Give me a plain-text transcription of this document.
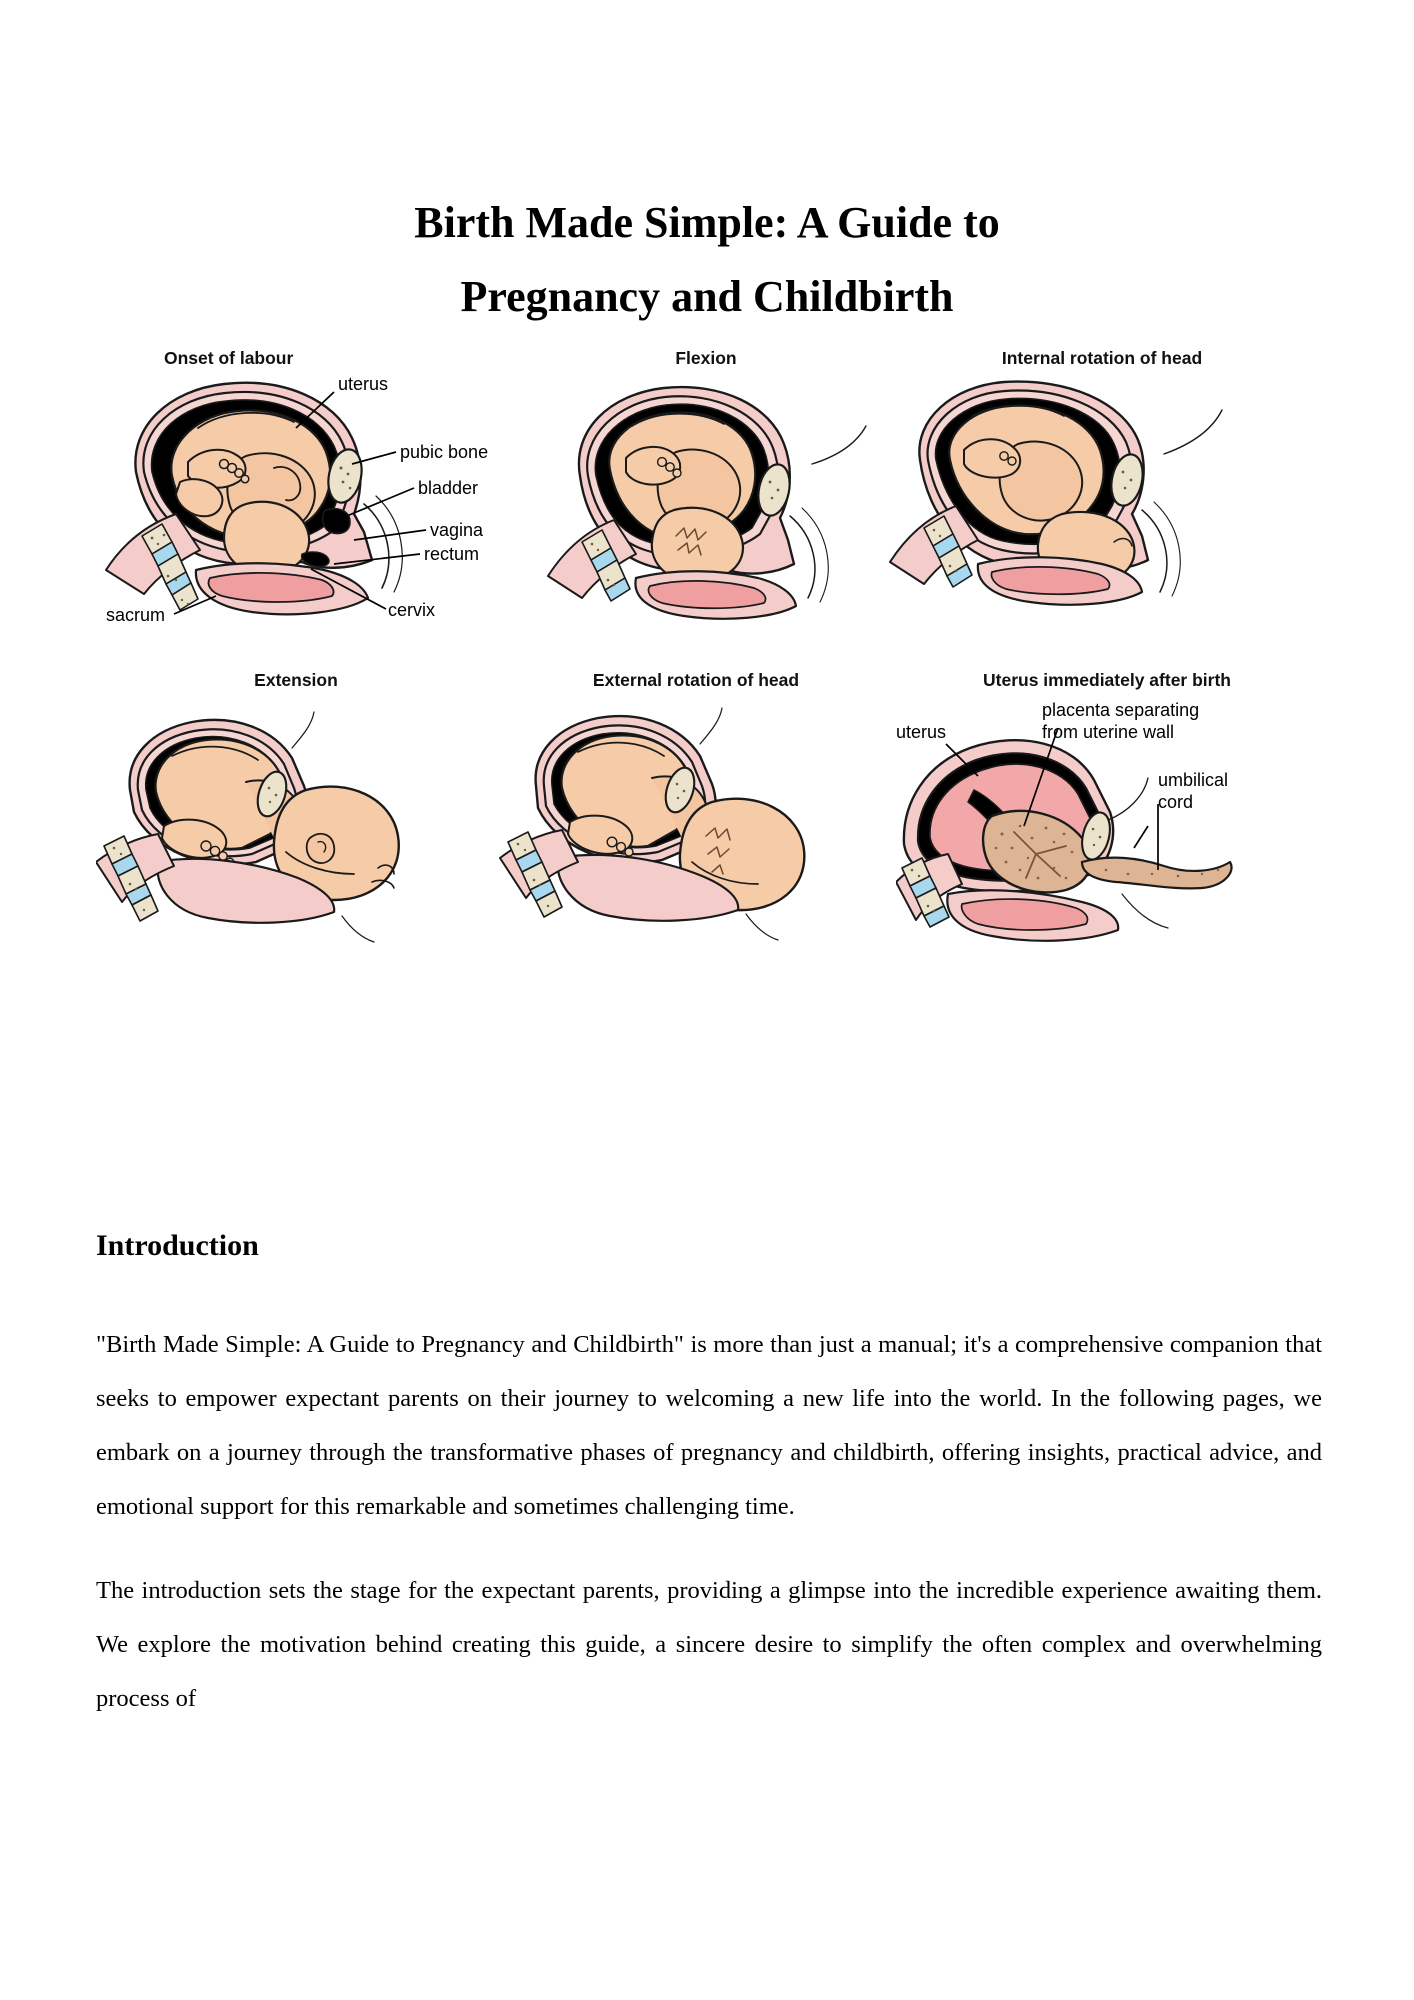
Birth Made Simple: A Guide to
Pregnancy and Childbirth
Onset of labour
uterus
pubic bone
bladder
vagina
rectum
cervix
sacrum
Flexion	Internal rotation of head
Extension	External rotation of head	Uterus immediately after birth
uterus
placenta separating
from uterine wall
umbilical
cord
Introduction

"Birth Made Simple: A Guide to Pregnancy and Childbirth" is more than just a manual; it's a comprehensive companion that seeks to empower expectant parents on their journey to welcoming a new life into the world. In the following pages, we embark on a journey through the transformative phases of pregnancy and childbirth, offering insights, practical advice, and emotional support for this remarkable and sometimes challenging time.

The introduction sets the stage for the expectant parents, providing a glimpse into the incredible experience awaiting them. We explore the motivation behind creating this guide, a sincere desire to simplify the often complex and overwhelming process of
